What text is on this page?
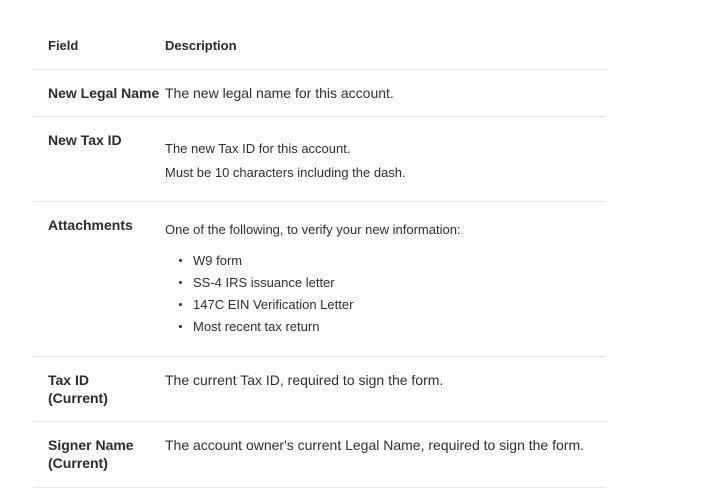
Field	Description
New Legal Name The new legal name for this account.
New Tax ID
The new Tax ID for this account.
Must be 10 characters including the dash.
Attachments	One of the following, to verify your new information:

W9 form
SS-4 IRS issuance letter
147C EIN Verification Letter
Most recent tax return
Tax ID
(Current)
The current Tax ID, required to sign the form.
Signer Name
(Current)
The account owner's current Legal Name, required to sign the form.
